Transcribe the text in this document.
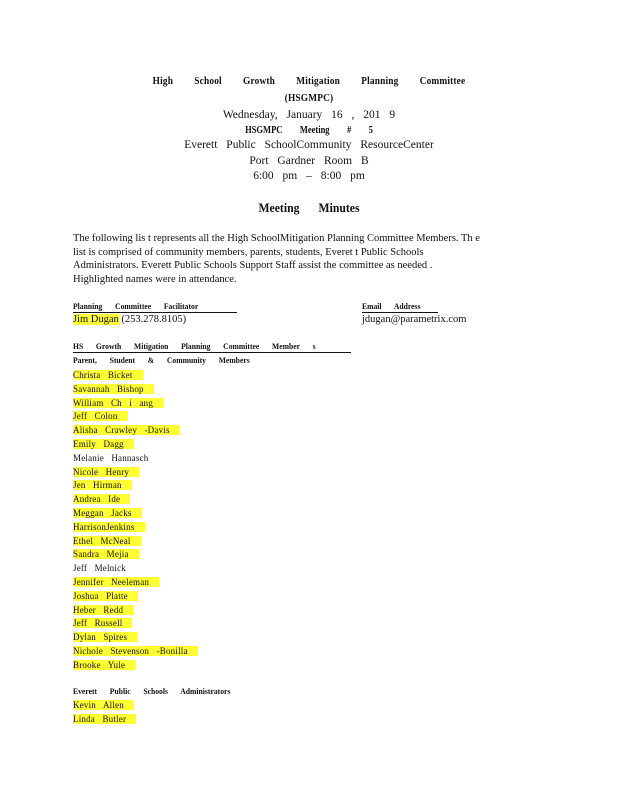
High School Growth Mitigation Planning Committee
(HSGMPC)
Wednesday, January 16 , 201 9
HSGMPC Meeting # 5
Everett Public SchoolCommunity ResourceCenter
Port Gardner Room B
6:00 pm – 8:00 pm
Meeting Minutes
The following lis t represents all the High SchoolMitigation Planning Committee Members. Th e
list is comprised of community members, parents, students, Everet t Public Schools
Administrators. Everett Public Schools Support Staff assist the committee as needed .
Highlighted names were in attendance.
Planning Committee Facilitator	Email Address
Jim Dugan (253.278.8105)	jdugan@parametrix.com
HS Growth Mitigation Planning Committee Member s
Parent, Student & Community Members
Christa Bicket
Savannah Bishop
William Ch i ang
Jeff Colon
Alisha Crawley -Davis
Emily Dagg
Melanie Hannasch
Nicole Henry
Jen Hirman
Andrea Ide
Meggan Jacks
HarrisonJenkins
Ethel McNeal
Sandra Mejia
Jeff Melnick
Jennifer Neeleman
Joshua Platte
Heber Redd
Jeff Russell
Dylan Spires
Nichole Stevenson -Bonilla
Brooke Yule
Everett Public Schools Administrators
Kevin Allen
Linda Butler
